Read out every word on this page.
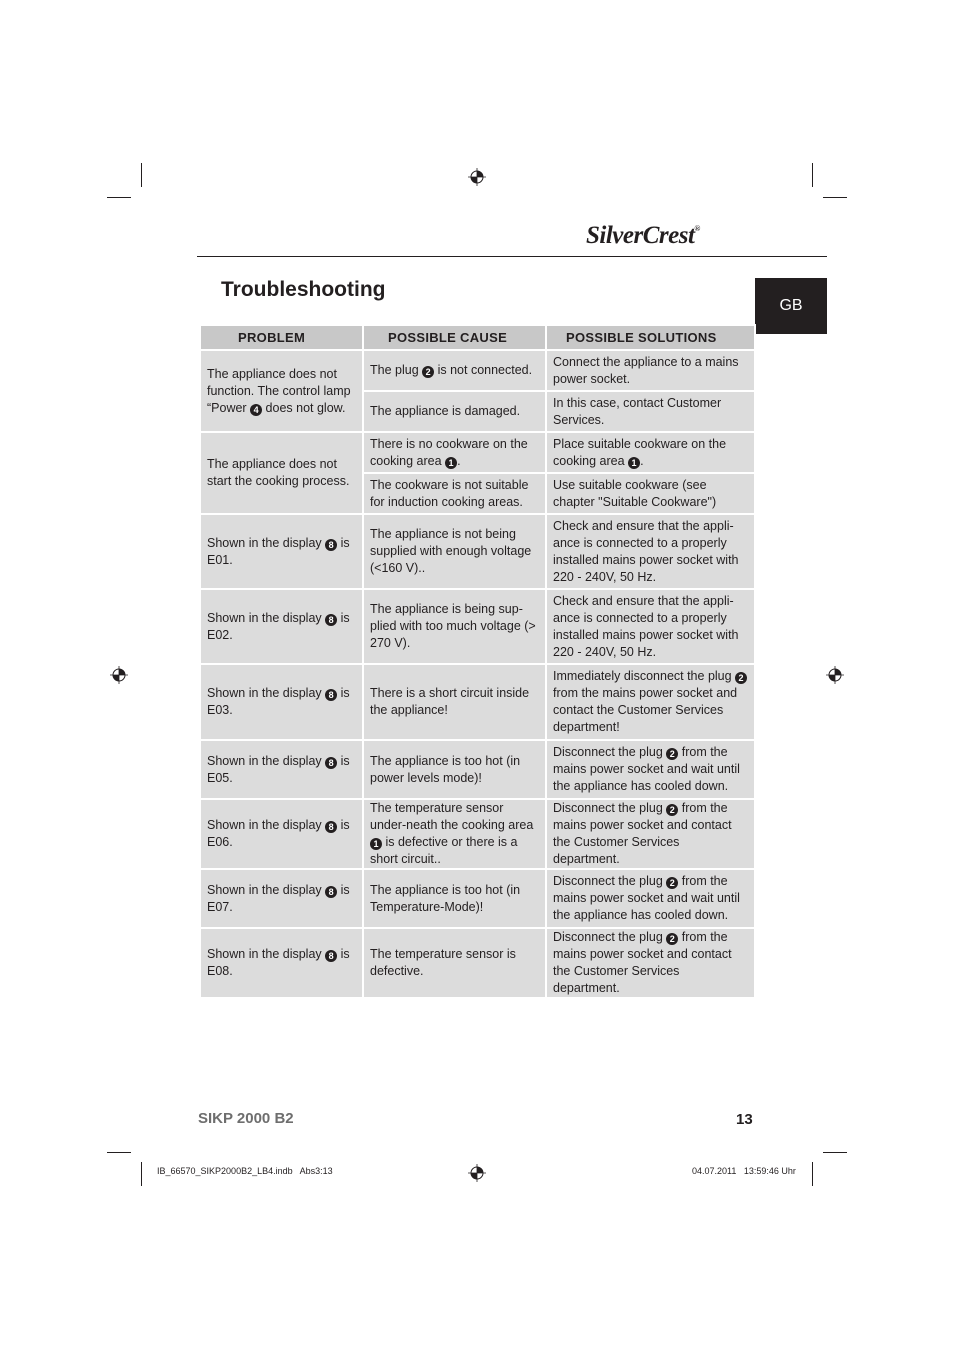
SilverCrest®
Troubleshooting
GB
PROBLEM	POSSIBLE CAUSE	POSSIBLE SOLUTIONS
The appliance does not function. The control lamp “Power 4 does not glow.	The plug 2 is not connected.	Connect the appliance to a mains power socket.
	The appliance is damaged.	In this case, contact Customer Services.
The appliance does not start the cooking process.	There is no cookware on the cooking area 1 .	Place suitable cookware on the cooking area 1 .
	The cookware is not suitable for induction cooking areas.	Use suitable cookware (see chapter "Suitable Cookware")
Shown in the display 8 is E01.	The appliance is not being supplied with enough voltage (<160 V)..	Check and ensure that the appli-ance is connected to a properly installed mains power socket with 220 - 240V, 50 Hz.
Shown in the display 8 is E02.	The appliance is being sup-plied with too much voltage (> 270 V).	Check and ensure that the appli-ance is connected to a properly installed mains power socket with 220 - 240V, 50 Hz.
Shown in the display 8 is E03.	There is a short circuit inside the appliance!	Immediately disconnect the plug 2 from the mains power socket and contact the Customer Services department!
Shown in the display 8 is E05.	The appliance is too hot (in power levels mode)!	Disconnect the plug 2 from the mains power socket and wait until the appliance has cooled down.
Shown in the display 8 is E06.	The temperature sensor under-neath the cooking area 1 is defective or there is a short circuit..	Disconnect the plug 2 from the mains power socket and contact the Customer Services department.
Shown in the display 8 is E07.	The appliance is too hot (in Temperature-Mode)!	Disconnect the plug 2 from the mains power socket and wait until the appliance has cooled down.
Shown in the display 8 is E08.	The temperature sensor is defective.	Disconnect the plug 2 from the mains power socket and contact the Customer Services department.
SIKP 2000 B2	13
IB_66570_SIKP2000B2_LB4.indb   Abs3:13	04.07.2011   13:59:46 Uhr
